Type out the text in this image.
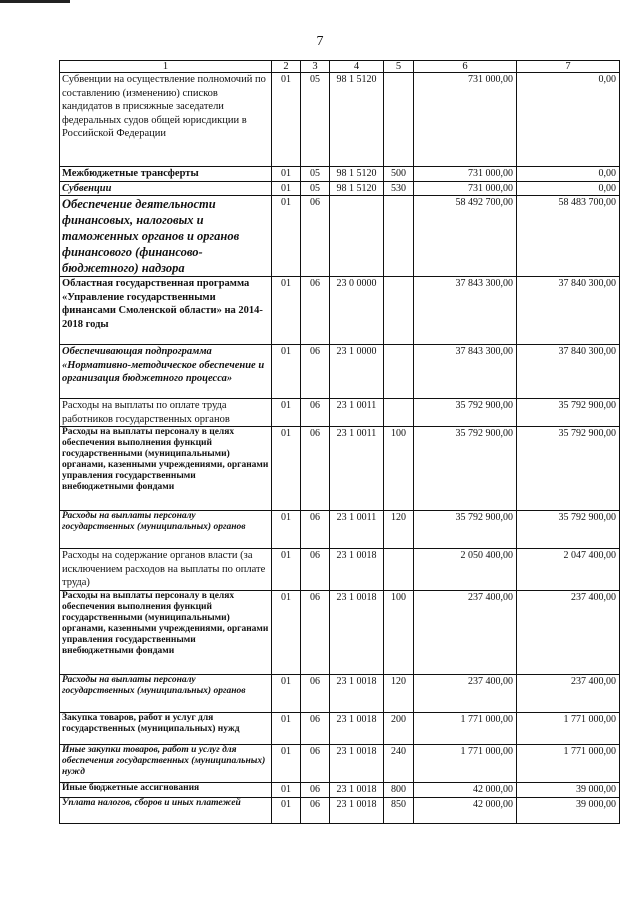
7
1	2	3	4	5	6	7
Субвенции на осуществление полномочий по составлению (изменению) списков кандидатов в присяжные заседатели федеральных судов общей юрисдикции в Российской Федерации	01	05	98 1 5120		731 000,00	0,00
Межбюджетные трансферты	01	05	98 1 5120	500	731 000,00	0,00
Субвенции	01	05	98 1 5120	530	731 000,00	0,00
Обеспечение деятельности финансовых, налоговых и таможенных органов и органов финансового (финансово-бюджетного) надзора	01	06			58 492 700,00	58 483 700,00
Областная государственная программа «Управление государственными финансами Смоленской области» на 2014-2018 годы	01	06	23 0 0000		37 843 300,00	37 840 300,00
Обеспечивающая подпрограмма «Нормативно-методическое обеспечение и организация бюджетного процесса»	01	06	23 1 0000		37 843 300,00	37 840 300,00
Расходы на выплаты по оплате труда работников государственных органов	01	06	23 1 0011		35 792 900,00	35 792 900,00
Расходы на выплаты персоналу в целях обеспечения выполнения функций государственными (муниципальными) органами, казенными учреждениями, органами управления государственными внебюджетными фондами	01	06	23 1 0011	100	35 792 900,00	35 792 900,00
Расходы на выплаты персоналу государственных (муниципальных) органов	01	06	23 1 0011	120	35 792 900,00	35 792 900,00
Расходы на содержание органов власти (за исключением расходов на выплаты по оплате труда)	01	06	23 1 0018		2 050 400,00	2 047 400,00
Расходы на выплаты персоналу в целях обеспечения выполнения функций государственными (муниципальными) органами, казенными учреждениями, органами управления государственными внебюджетными фондами	01	06	23 1 0018	100	237 400,00	237 400,00
Расходы на выплаты персоналу государственных (муниципальных) органов	01	06	23 1 0018	120	237 400,00	237 400,00
Закупка товаров, работ и услуг для государственных (муниципальных) нужд	01	06	23 1 0018	200	1 771 000,00	1 771 000,00
Иные закупки товаров, работ и услуг для обеспечения государственных (муниципальных) нужд	01	06	23 1 0018	240	1 771 000,00	1 771 000,00
Иные бюджетные ассигнования	01	06	23 1 0018	800	42 000,00	39 000,00
Уплата налогов, сборов и иных платежей	01	06	23 1 0018	850	42 000,00	39 000,00
